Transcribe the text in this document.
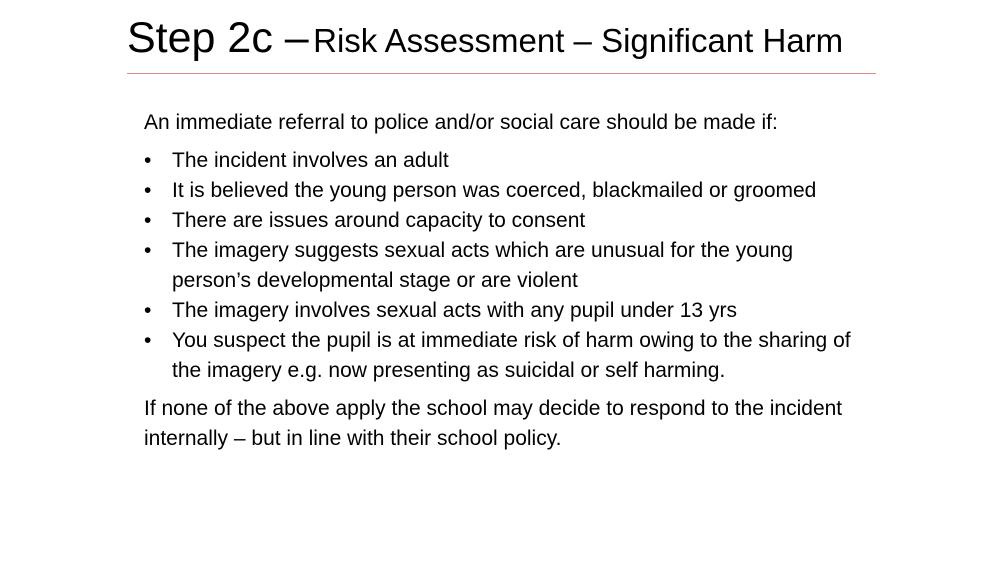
Step 2c – Risk Assessment – Significant Harm

An immediate referral to police and/or social care should be made if:

• The incident involves an adult
• It is believed the young person was coerced, blackmailed or groomed
• There are issues around capacity to consent
• The imagery suggests sexual acts which are unusual for the young person’s developmental stage or are violent
• The imagery involves sexual acts with any pupil under 13 yrs
• You suspect the pupil is at immediate risk of harm owing to the sharing of the imagery e.g. now presenting as suicidal or self harming.

If none of the above apply the school may decide to respond to the incident internally – but in line with their school policy.
